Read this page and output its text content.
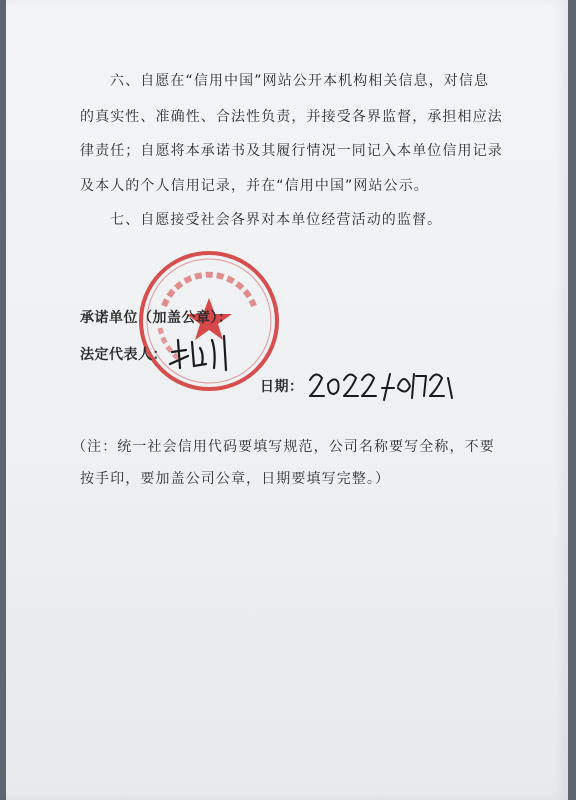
六、自愿在“信用中国”网站公开本机构相关信息，对信息

的真实性、准确性、合法性负责，并接受各界监督，承担相应法

律责任；自愿将本承诺书及其履行情况一同记入本单位信用记录

及本人的个人信用记录，并在“信用中国”网站公示。

七、自愿接受社会各界对本单位经营活动的监督。

承诺单位（加盖公章）：

法定代表人：

日期：

（注：统一社会信用代码要填写规范，公司名称要写全称，不要

按手印，要加盖公司公章，日期要填写完整。）
